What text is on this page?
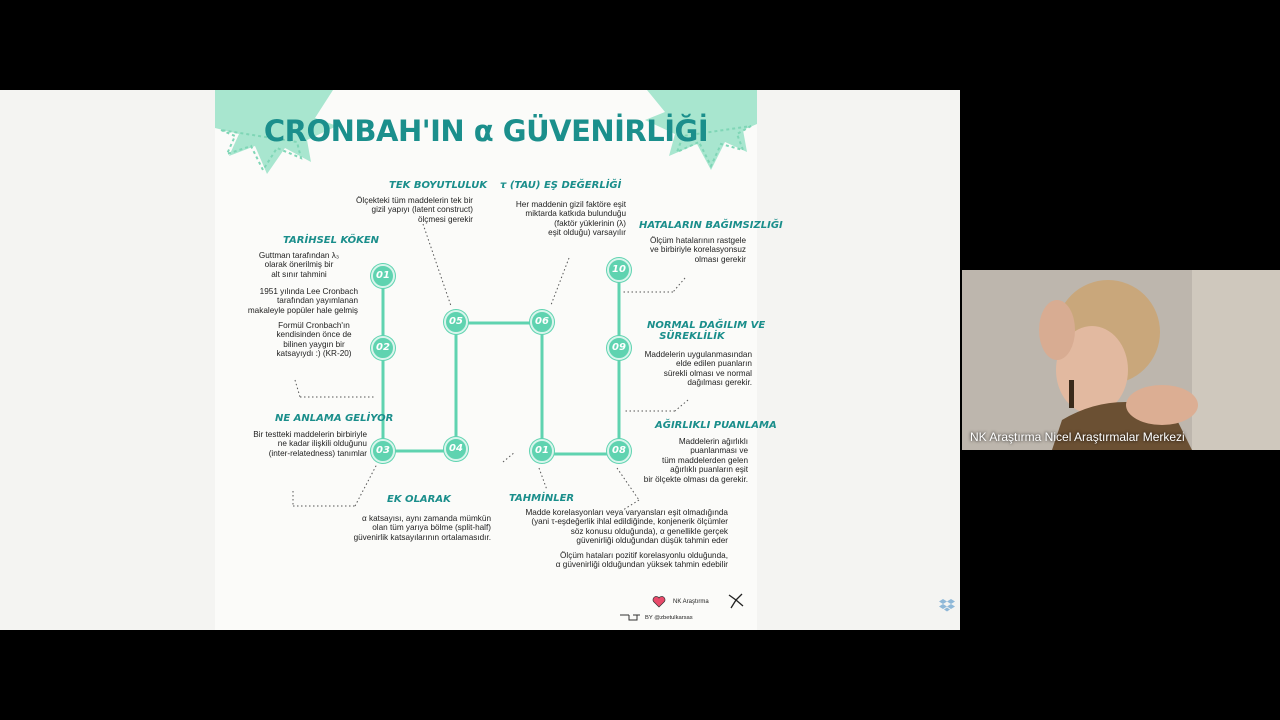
CRONBAH'IN α GÜVENİRLİĞİ
01
02
03	04
05	06
01	08
09
10
TARİHSEL KÖKEN
Guttman tarafından λ₃
olarak önerilmiş bir
alt sınır tahmini
1951 yılında Lee Cronbach
tarafından yayımlanan
makaleyle popüler hale gelmiş
Formül Cronbach'ın
kendisinden önce de
bilinen yaygın bir
katsayıydı :) (KR-20)
TEK BOYUTLULUK
Ölçekteki tüm maddelerin tek bir
gizil yapıyı (latent construct)
ölçmesi gerekir
τ (TAU) EŞ DEĞERLİĞİ
Her maddenin gizil faktöre eşit
miktarda katkıda bulunduğu
(faktör yüklerinin (λ)
eşit olduğu) varsayılır
HATALARIN BAĞIMSIZLIĞI
Ölçüm hatalarının rastgele
ve birbiriyle korelasyonsuz
olması gerekir
NORMAL DAĞILIM VE
SÜREKLİLİK
Maddelerin uygulanmasından
elde edilen puanların
sürekli olması ve normal
dağılması gerekir.
AĞIRLIKLI PUANLAMA
Maddelerin ağırlıklı
puanlanması ve
tüm maddelerden gelen
ağırlıklı puanların eşit
bir ölçekte olması da gerekir.
NE ANLAMA GELİYOR
Bir testteki maddelerin birbiriyle
ne kadar ilişkili olduğunu
(inter-relatedness) tanımlar
EK OLARAK
α katsayısı, aynı zamanda mümkün
olan tüm yarıya bölme (split-half)
güvenirlik katsayılarının ortalamasıdır.
TAHMİNLER
Madde korelasyonları veya varyansları eşit olmadığında
(yani τ-eşdeğerlik ihlal edildiğinde, konjenerik ölçümler
söz konusu olduğunda), α genellikle gerçek
güvenirliği olduğundan düşük tahmin eder
Ölçüm hataları pozitif korelasyonlu olduğunda,
α güvenirliği olduğundan yüksek tahmin edebilir
NK Araştırma
BY @zbetulkarsas
NK Araştırma Nicel Araştırmalar Merkezi
